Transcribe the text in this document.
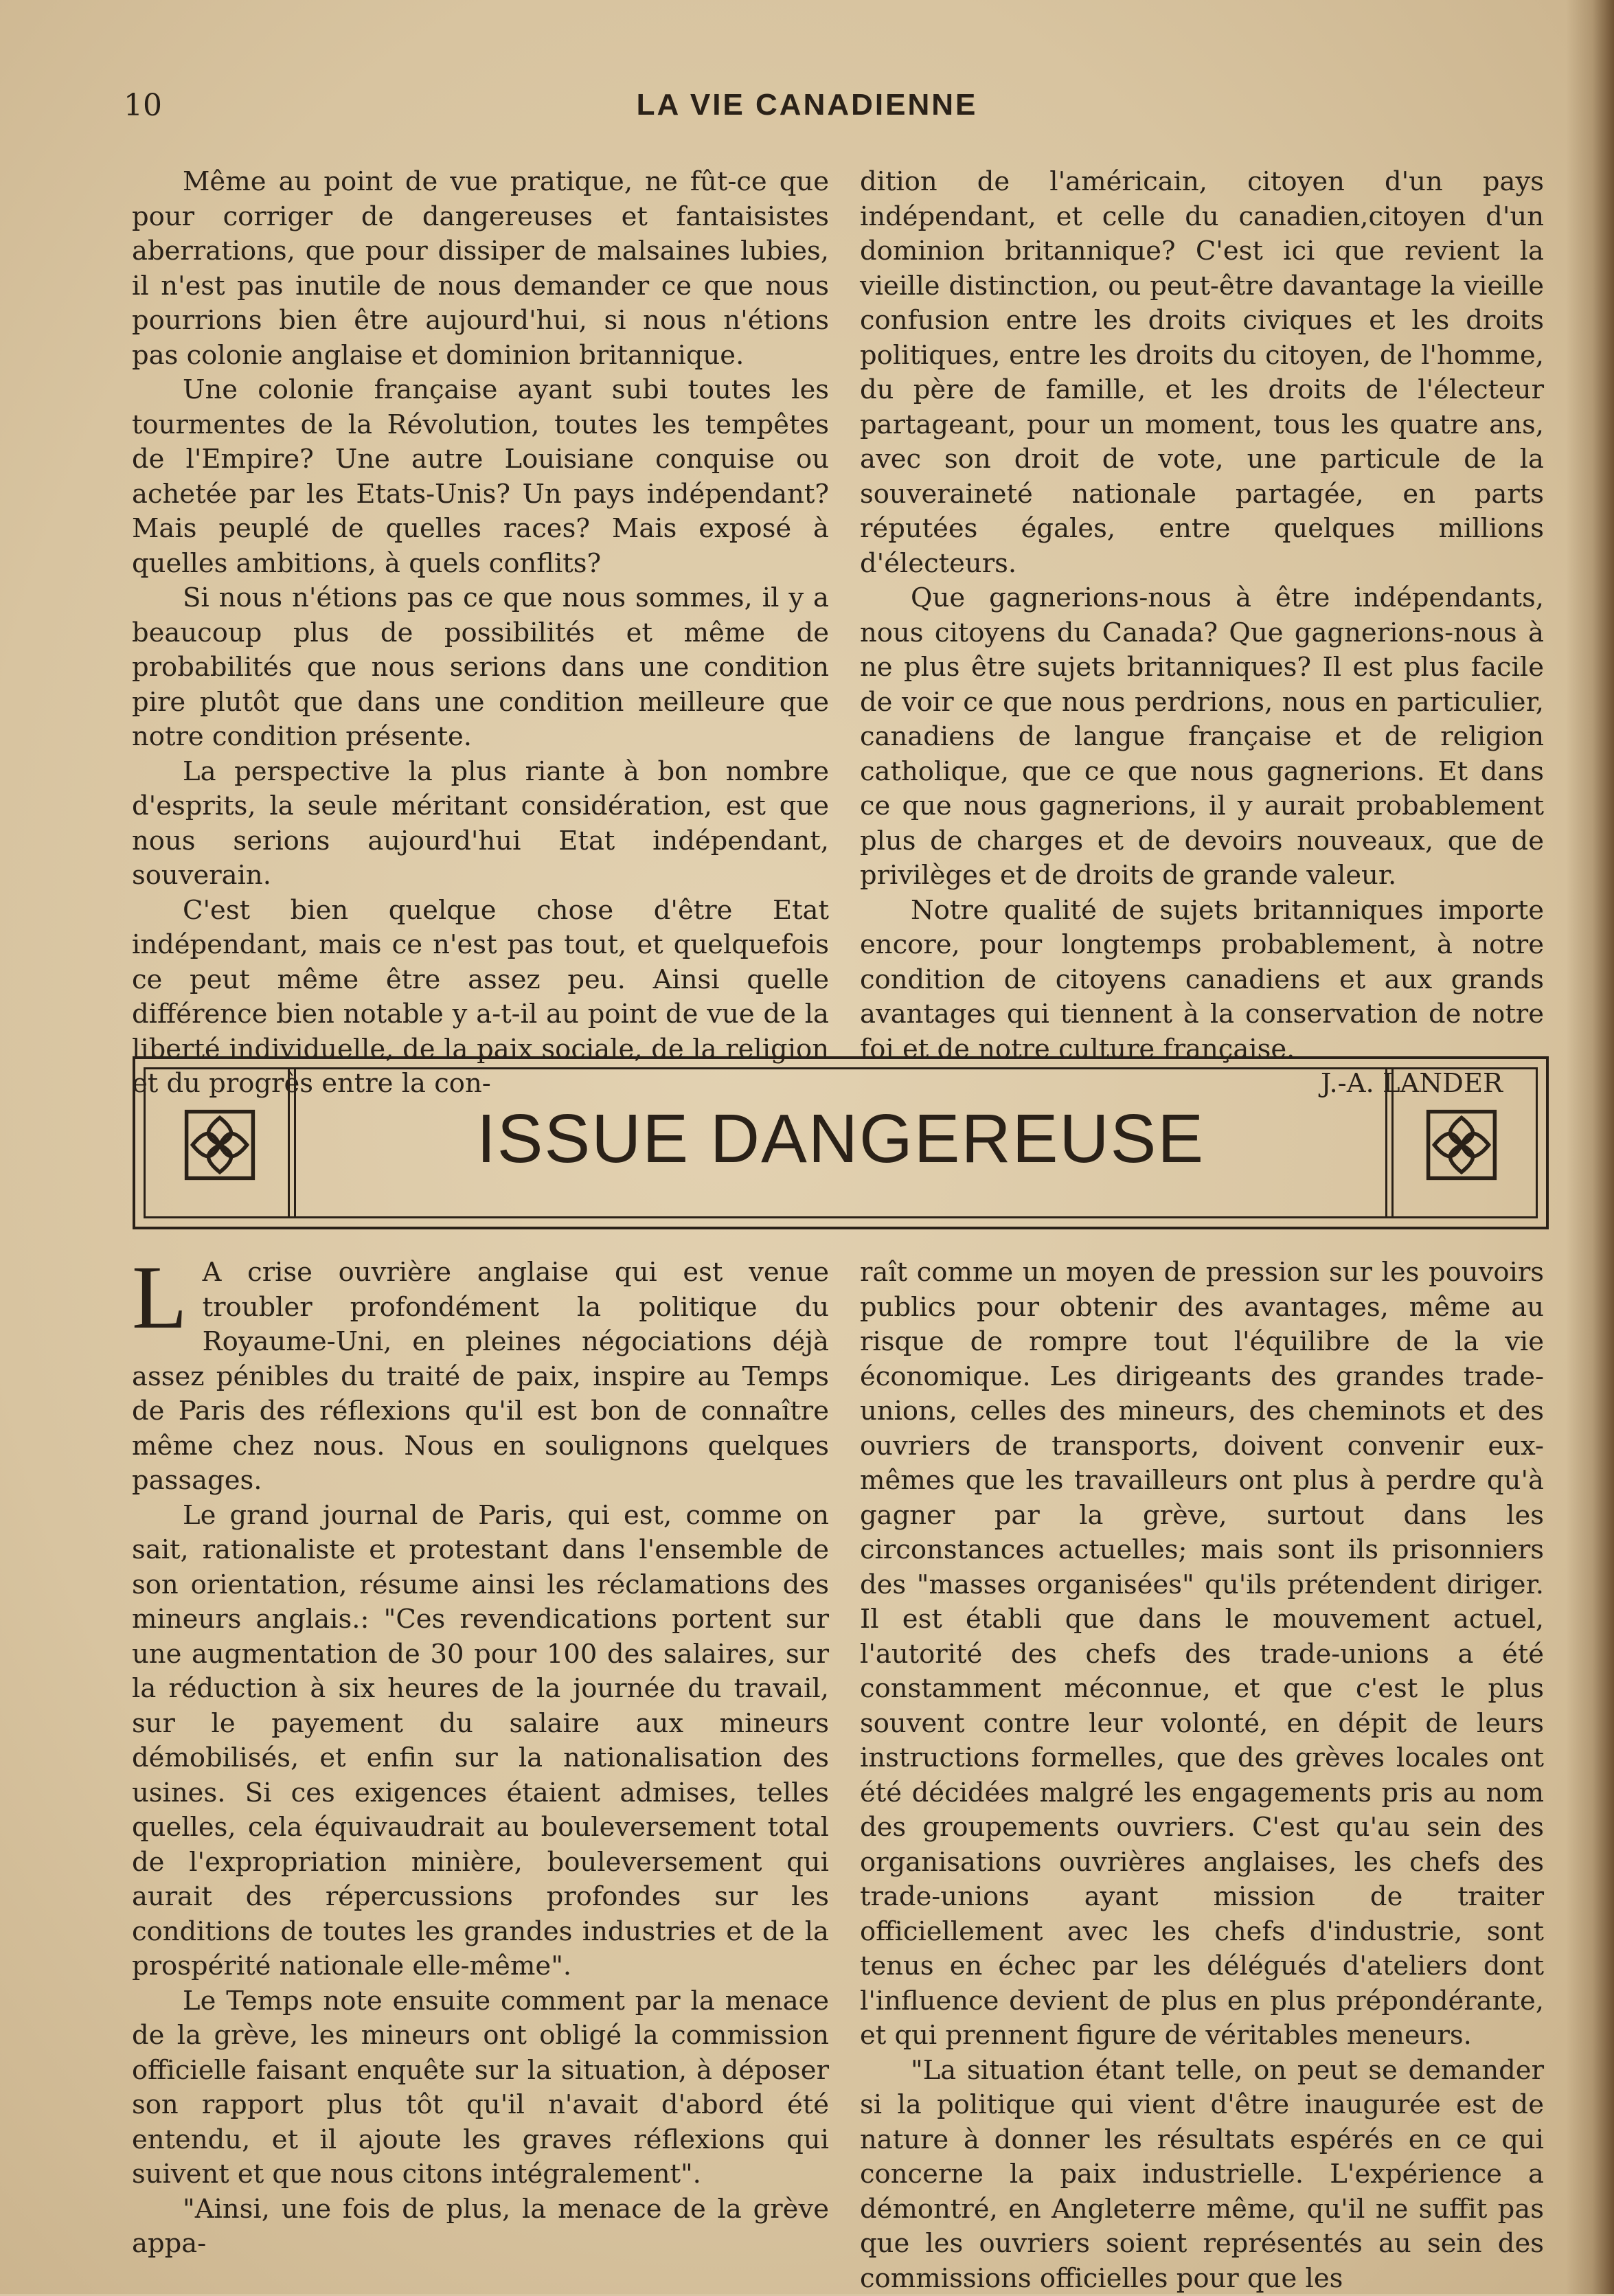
10	LA VIE CANADIENNE

Même au point de vue pratique, ne fût-ce que pour corriger de dangereuses et fantaisistes aberrations, que pour dissiper de malsaines lubies, il n'est pas inutile de nous demander ce que nous pourrions bien être aujourd'hui, si nous n'étions pas colonie anglaise et dominion britannique.

Une colonie française ayant subi toutes les tourmentes de la Révolution, toutes les tempêtes de l'Empire? Une autre Louisiane conquise ou achetée par les Etats-Unis? Un pays indépendant? Mais peuplé de quelles races? Mais exposé à quelles ambitions, à quels conflits?

Si nous n'étions pas ce que nous sommes, il y a beaucoup plus de possibilités et même de probabilités que nous serions dans une condition pire plutôt que dans une condition meilleure que notre condition présente.

La perspective la plus riante à bon nombre d'esprits, la seule méritant considération, est que nous serions aujourd'hui Etat indépendant, souverain.

C'est bien quelque chose d'être Etat indépendant, mais ce n'est pas tout, et quelquefois ce peut même être assez peu. Ainsi quelle différence bien notable y a-t-il au point de vue de la liberté individuelle, de la paix sociale, de la religion et du progrès entre la con-

dition de l'américain, citoyen d'un pays indépendant, et celle du canadien,citoyen d'un dominion britannique? C'est ici que revient la vieille distinction, ou peut-être davantage la vieille confusion entre les droits civiques et les droits politiques, entre les droits du citoyen, de l'homme, du père de famille, et les droits de l'électeur partageant, pour un moment, tous les quatre ans, avec son droit de vote, une particule de la souveraineté nationale partagée, en parts réputées égales, entre quelques millions d'électeurs.

Que gagnerions-nous à être indépendants, nous citoyens du Canada? Que gagnerions-nous à ne plus être sujets britanniques? Il est plus facile de voir ce que nous perdrions, nous en particulier, canadiens de langue française et de religion catholique, que ce que nous gagnerions. Et dans ce que nous gagnerions, il y aurait probablement plus de charges et de devoirs nouveaux, que de privilèges et de droits de grande valeur.

Notre qualité de sujets britanniques importe encore, pour longtemps probablement, à notre condition de citoyens canadiens et aux grands avantages qui tiennent à la conservation de notre foi et de notre culture française.

J.-A. LANDER

ISSUE DANGEREUSE

L A crise ouvrière anglaise qui est venue troubler profondément la politique du Royaume-Uni, en pleines négociations déjà assez pénibles du traité de paix, inspire au Temps de Paris des réflexions qu'il est bon de connaître même chez nous. Nous en soulignons quelques passages.

Le grand journal de Paris, qui est, comme on sait, rationaliste et protestant dans l'ensemble de son orientation, résume ainsi les réclamations des mineurs anglais.: "Ces revendications portent sur une augmentation de 30 pour 100 des salaires, sur la réduction à six heures de la journée du travail, sur le payement du salaire aux mineurs démobilisés, et enfin sur la nationalisation des usines. Si ces exigences étaient admises, telles quelles, cela équivaudrait au bouleversement total de l'expropriation minière, bouleversement qui aurait des répercussions profondes sur les conditions de toutes les grandes industries et de la prospérité nationale elle-même".

Le Temps note ensuite comment par la menace de la grève, les mineurs ont obligé la commission officielle faisant enquête sur la situation, à déposer son rapport plus tôt qu'il n'avait d'abord été entendu, et il ajoute les graves réflexions qui suivent et que nous citons intégralement".

"Ainsi, une fois de plus, la menace de la grève appa-

raît comme un moyen de pression sur les pouvoirs publics pour obtenir des avantages, même au risque de rompre tout l'équilibre de la vie économique. Les dirigeants des grandes trade-unions, celles des mineurs, des cheminots et des ouvriers de transports, doivent convenir eux-mêmes que les travailleurs ont plus à perdre qu'à gagner par la grève, surtout dans les circonstances actuelles; mais sont ils prisonniers des "masses organisées" qu'ils prétendent diriger. Il est établi que dans le mouvement actuel, l'autorité des chefs des trade-unions a été constamment méconnue, et que c'est le plus souvent contre leur volonté, en dépit de leurs instructions formelles, que des grèves locales ont été décidées malgré les engagements pris au nom des groupements ouvriers. C'est qu'au sein des organisations ouvrières anglaises, les chefs des trade-unions ayant mission de traiter officiellement avec les chefs d'industrie, sont tenus en échec par les délégués d'ateliers dont l'influence devient de plus en plus prépondérante, et qui prennent figure de véritables meneurs.

"La situation étant telle, on peut se demander si la politique qui vient d'être inaugurée est de nature à donner les résultats espérés en ce qui concerne la paix industrielle. L'expérience a démontré, en Angleterre même, qu'il ne suffit pas que les ouvriers soient représentés au sein des commissions officielles pour que les
